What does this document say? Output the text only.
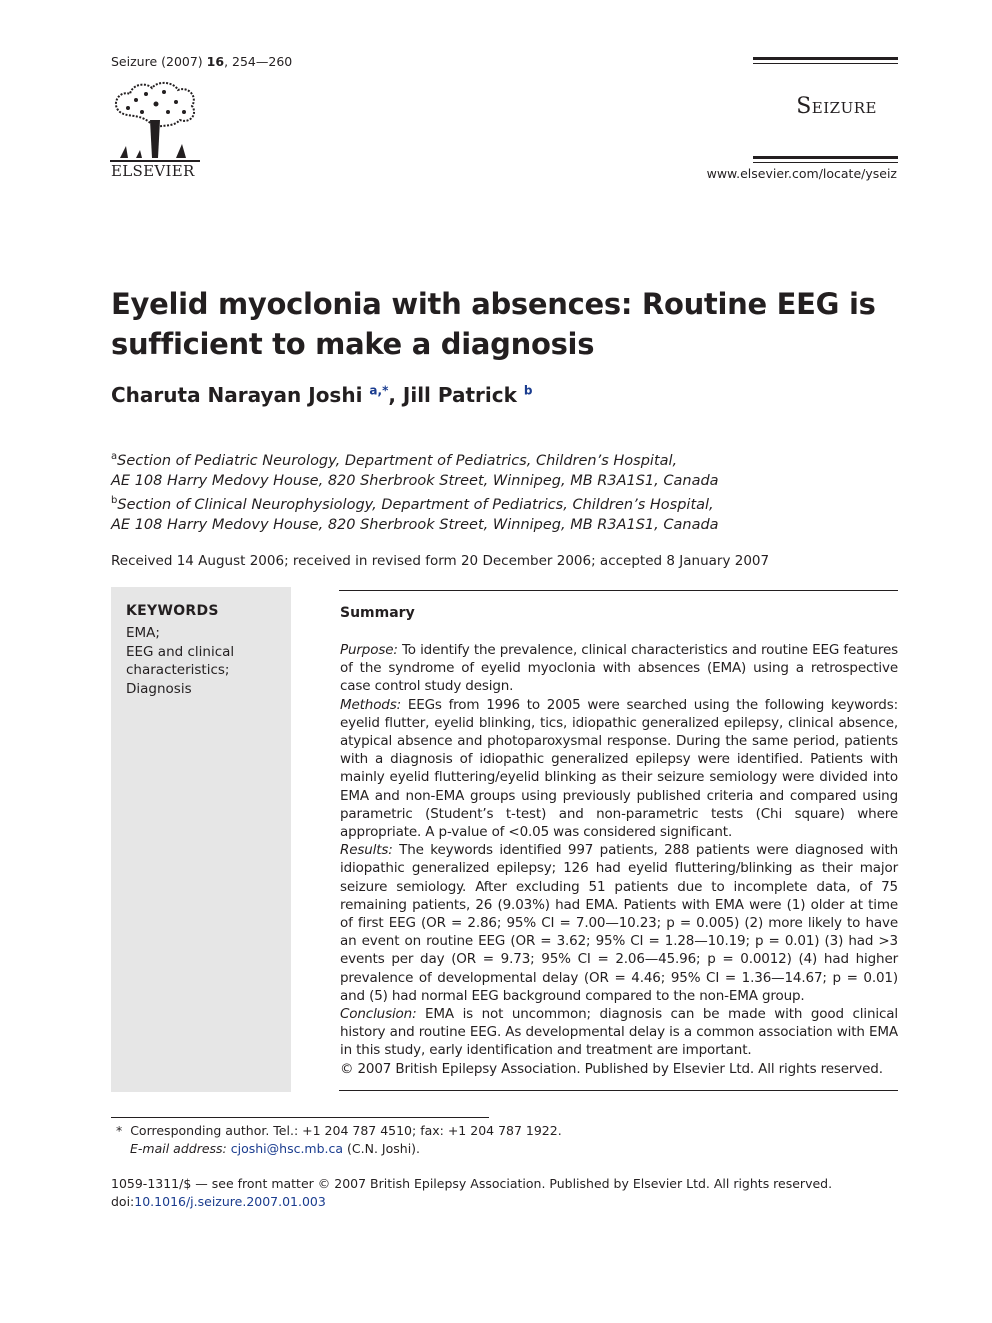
Seizure (2007) 16, 254—260
ELSEVIER
Seizure
www.elsevier.com/locate/yseiz
Eyelid myoclonia with absences: Routine EEG is sufficient to make a diagnosis
Charuta Narayan Joshi $^{a,*}$, Jill Patrick $^b$
$^a$Section of Pediatric Neurology, Department of Pediatrics, Children’s Hospital,
AE 108 Harry Medovy House, 820 Sherbrook Street, Winnipeg, MB R3A1S1, Canada
$^b$Section of Clinical Neurophysiology, Department of Pediatrics, Children’s Hospital,
AE 108 Harry Medovy House, 820 Sherbrook Street, Winnipeg, MB R3A1S1, Canada
Received 14 August 2006; received in revised form 20 December 2006; accepted 8 January 2007
KEYWORDS
EMA;
EEG and clinical characteristics;
Diagnosis
Summary

Purpose: To identify the prevalence, clinical characteristics and routine EEG features of the syndrome of eyelid myoclonia with absences (EMA) using a retrospective case control study design.

Methods: EEGs from 1996 to 2005 were searched using the following keywords: eyelid flutter, eyelid blinking, tics, idiopathic generalized epilepsy, clinical absence, atypical absence and photoparoxysmal response. During the same period, patients with a diagnosis of idiopathic generalized epilepsy were identified. Patients with mainly eyelid fluttering/eyelid blinking as their seizure semiology were divided into EMA and non-EMA groups using previously published criteria and compared using parametric (Student’s t-test) and non-parametric tests (Chi square) where appropriate. A p-value of <0.05 was considered significant.

Results: The keywords identified 997 patients, 288 patients were diagnosed with idiopathic generalized epilepsy; 126 had eyelid fluttering/blinking as their major seizure semiology. After excluding 51 patients due to incomplete data, of 75 remaining patients, 26 (9.03%) had EMA. Patients with EMA were (1) older at time of first EEG (OR = 2.86; 95% CI = 7.00—10.23; p = 0.005) (2) more likely to have an event on routine EEG (OR = 3.62; 95% CI = 1.28—10.19; p = 0.01) (3) had >3 events per day (OR = 9.73; 95% CI = 2.06—45.96; p = 0.0012) (4) had higher prevalence of developmental delay (OR = 4.46; 95% CI = 1.36—14.67; p = 0.01) and (5) had normal EEG background compared to the non-EMA group.

Conclusion: EMA is not uncommon; diagnosis can be made with good clinical history and routine EEG. As developmental delay is a common association with EMA in this study, early identification and treatment are important.

© 2007 British Epilepsy Association. Published by Elsevier Ltd. All rights reserved.

* Corresponding author. Tel.: +1 204 787 4510; fax: +1 204 787 1922.
E-mail address: cjoshi@hsc.mb.ca (C.N. Joshi).
1059-1311/$ — see front matter © 2007 British Epilepsy Association. Published by Elsevier Ltd. All rights reserved.
doi:10.1016/j.seizure.2007.01.003
